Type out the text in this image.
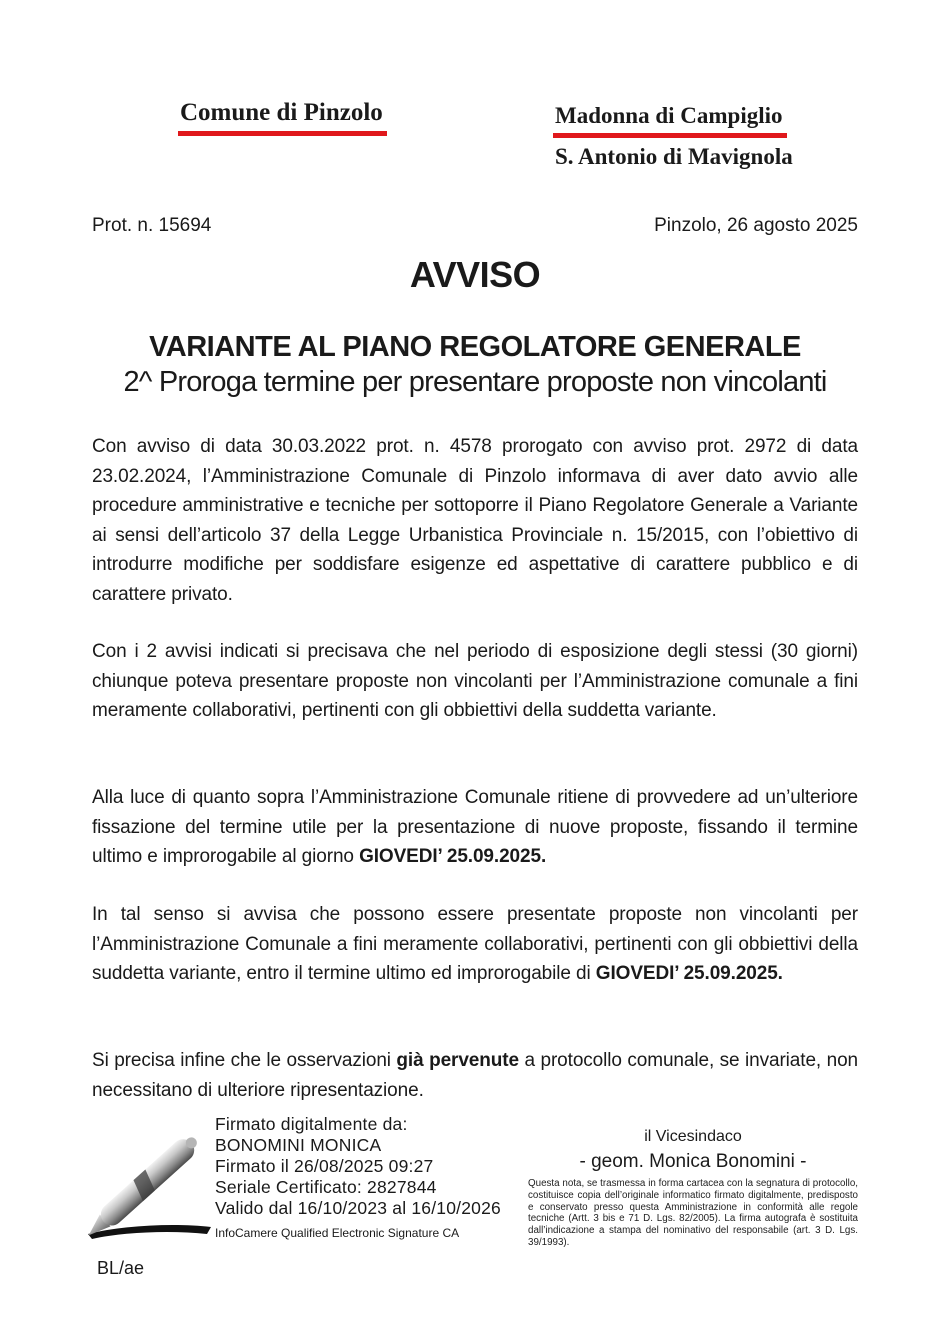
Comune di Pinzolo	Madonna di Campiglio
S. Antonio di Mavignola
Prot. n. 15694	Pinzolo, 26 agosto 2025
AVVISO
VARIANTE AL PIANO REGOLATORE GENERALE
2^ Proroga termine per presentare proposte non vincolanti

Con avviso di data 30.03.2022 prot. n. 4578 prorogato con avviso prot. 2972 di data 23.02.2024, l’Amministrazione Comunale di Pinzolo informava di aver dato avvio alle procedure amministrative e tecniche per sottoporre il Piano Regolatore Generale a Variante ai sensi dell’articolo 37 della Legge Urbanistica Provinciale n. 15/2015, con l’obiettivo di introdurre modifiche per soddisfare esigenze ed aspettative di carattere pubblico e di carattere privato.

Con i 2 avvisi indicati si precisava che nel periodo di esposizione degli stessi (30 giorni) chiunque poteva presentare proposte non vincolanti per l’Amministrazione comunale a fini meramente collaborativi, pertinenti con gli obbiettivi della suddetta variante.

Alla luce di quanto sopra l’Amministrazione Comunale ritiene di provvedere ad un’ulteriore fissazione del termine utile per la presentazione di nuove proposte, fissando il termine ultimo e improrogabile al giorno GIOVEDI’ 25.09.2025.

In tal senso si avvisa che possono essere presentate proposte non vincolanti per l’Amministrazione Comunale a fini meramente collaborativi, pertinenti con gli obbiettivi della suddetta variante, entro il termine ultimo ed improrogabile di GIOVEDI’ 25.09.2025.

Si precisa infine che le osservazioni già pervenute a protocollo comunale, se invariate, non necessitano di ulteriore ripresentazione.

Firmato digitalmente da:
BONOMINI MONICA
Firmato il 26/08/2025 09:27
Seriale Certificato: 2827844
Valido dal 16/10/2023 al 16/10/2026
InfoCamere Qualified Electronic Signature CA
il Vicesindaco
- geom. Monica Bonomini -
Questa nota, se trasmessa in forma cartacea con la segnatura di protocollo, costituisce copia dell’originale informatico firmato digitalmente, predisposto e conservato presso questa Amministrazione in conformità alle regole tecniche (Artt. 3 bis e 71 D. Lgs. 82/2005). La firma autografa è sostituita dall’indicazione a stampa del nominativo del responsabile (art. 3 D. Lgs. 39/1993).
BL/ae
